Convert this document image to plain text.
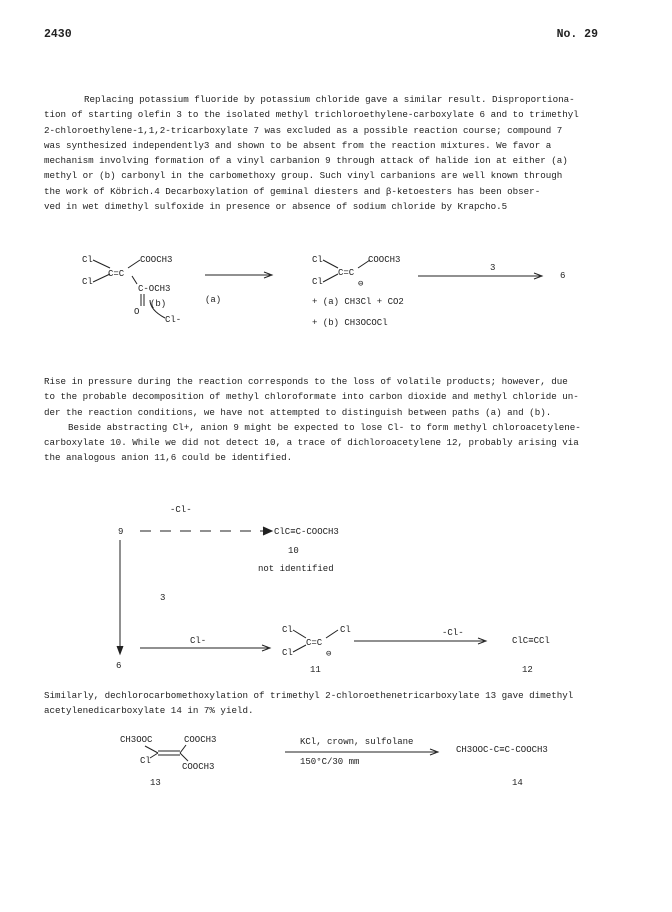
2430	No. 29
Replacing potassium fluoride by potassium chloride gave a similar result. Disproportiona-
tion of starting olefin 3 to the isolated methyl trichloroethylene-carboxylate 6 and to trimethyl
2-chloroethylene-1,1,2-tricarboxylate 7 was excluded as a possible reaction course; compound 7
was synthesized independently3 and shown to be absent from the reaction mixtures. We favor a
mechanism involving formation of a vinyl carbanion 9 through attack of halide ion at either (a)
methyl or (b) carbonyl in the carbomethoxy group. Such vinyl carbanions are well known through
the work of Köbrich.4 Decarboxylation of geminal diesters and β-ketoesters has been obser-
ved in wet dimethyl sulfoxide in presence or absence of sodium chloride by Krapcho.5
Cl
Cl
C=C
COOCH3
C-OCH3
O
(b)
Cl-
(a)
Cl
Cl
C=C
COOCH3
⊖
+ (a) CH3Cl + CO2
+ (b) CH3OCOCl
3
6
Rise in pressure during the reaction corresponds to the loss of volatile products; however, due
to the probable decomposition of methyl chloroformate into carbon dioxide and methyl chloride un-
der the reaction conditions, we have not attempted to distinguish between paths (a) and (b).
Beside abstracting Cl+, anion 9 might be expected to lose Cl- to form methyl chloroacetylene-
carboxylate 10. While we did not detect 10, a trace of dichloroacetylene 12, probably arising via
the analogous anion 11,6 could be identified.
-Cl-
9	ClC≡C-COOCH3
10
not identified
3
6
Cl-
Cl	Cl
Cl
C=C
⊖
11
-Cl-
ClC≡CCl
12
Similarly, dechlorocarbomethoxylation of trimethyl 2-chloroethenetricarboxylate 13 gave dimethyl
acetylenedicarboxylate 14 in 7% yield.
CH3OOC	COOCH3
Cl
COOCH3
13
KCl, crown, sulfolane
150°C/30 mm
CH3OOC-C≡C-COOCH3
14
